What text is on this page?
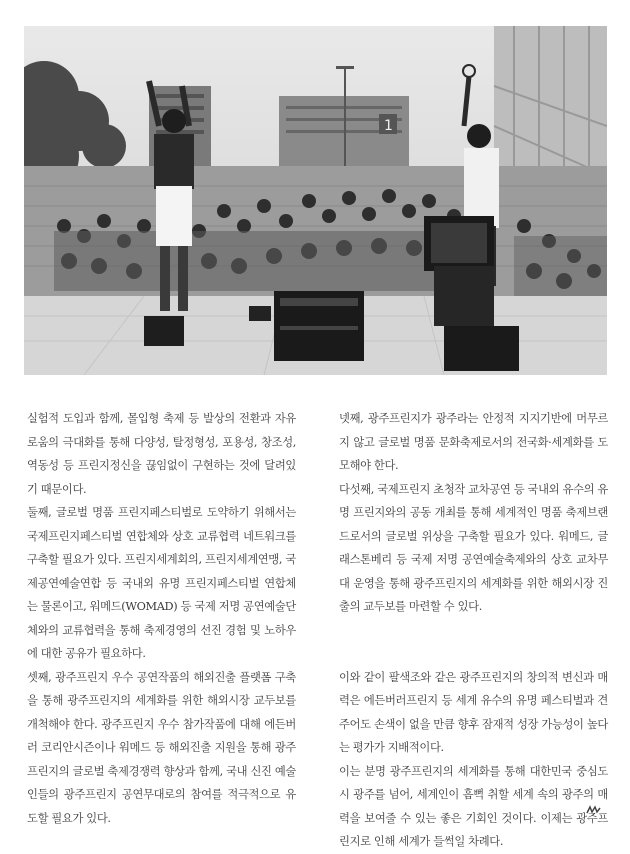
1

실험적 도입과 함께, 몰입형 축제 등 발상의 전환과 자유로움의 극대화를 통해 다양성, 탈정형성, 포용성, 창조성, 역동성 등 프린지정신을 끊임없이 구현하는 것에 달려있기 때문이다.

둘째, 글로벌 명품 프린지페스티벌로 도약하기 위해서는 국제프린지페스티벌 연합체와 상호 교류협력 네트워크를 구축할 필요가 있다. 프린지세계회의, 프린지세계연맹, 국제공연예술연합 등 국내외 유명 프린지페스티벌 연합체는 물론이고, 워메드(WOMAD) 등 국제 저명 공연예술단체와의 교류협력을 통해 축제경영의 선진 경험 및 노하우에 대한 공유가 필요하다.

셋째, 광주프린지 우수 공연작품의 해외진출 플랫폼 구축을 통해 광주프린지의 세계화를 위한 해외시장 교두보를 개척해야 한다. 광주프린지 우수 참가작품에 대해 에든버러 코리안시즌이나 워메드 등 해외진출 지원을 통해 광주프린지의 글로벌 축제경쟁력 향상과 함께, 국내 신진 예술인들의 광주프린지 공연무대로의 참여를 적극적으로 유도할 필요가 있다.

넷째, 광주프린지가 광주라는 안정적 지지기반에 머무르지 않고 글로벌 명품 문화축제로서의 전국화·세계화를 도모해야 한다.

다섯째, 국제프린지 초청작 교차공연 등 국내외 유수의 유명 프린지와의 공동 개최를 통해 세계적인 명품 축제브랜드로서의 글로벌 위상을 구축할 필요가 있다. 워메드, 글래스톤베리 등 국제 저명 공연예술축제와의 상호 교차무대 운영을 통해 광주프린지의 세계화를 위한 해외시장 진출의 교두보를 마련할 수 있다.

이와 같이 팔색조와 같은 광주프린지의 창의적 변신과 매력은 에든버러프린지 등 세계 유수의 유명 페스티벌과 견주어도 손색이 없을 만큼 향후 잠재적 성장 가능성이 높다는 평가가 지배적이다.

이는 분명 광주프린지의 세계화를 통해 대한민국 중심도시 광주를 넘어, 세계인이 흠뻑 취할 세계 속의 광주의 매력을 보여줄 수 있는 좋은 기회인 것이다. 이제는 광주프린지로 인해 세계가 들썩일 차례다.
